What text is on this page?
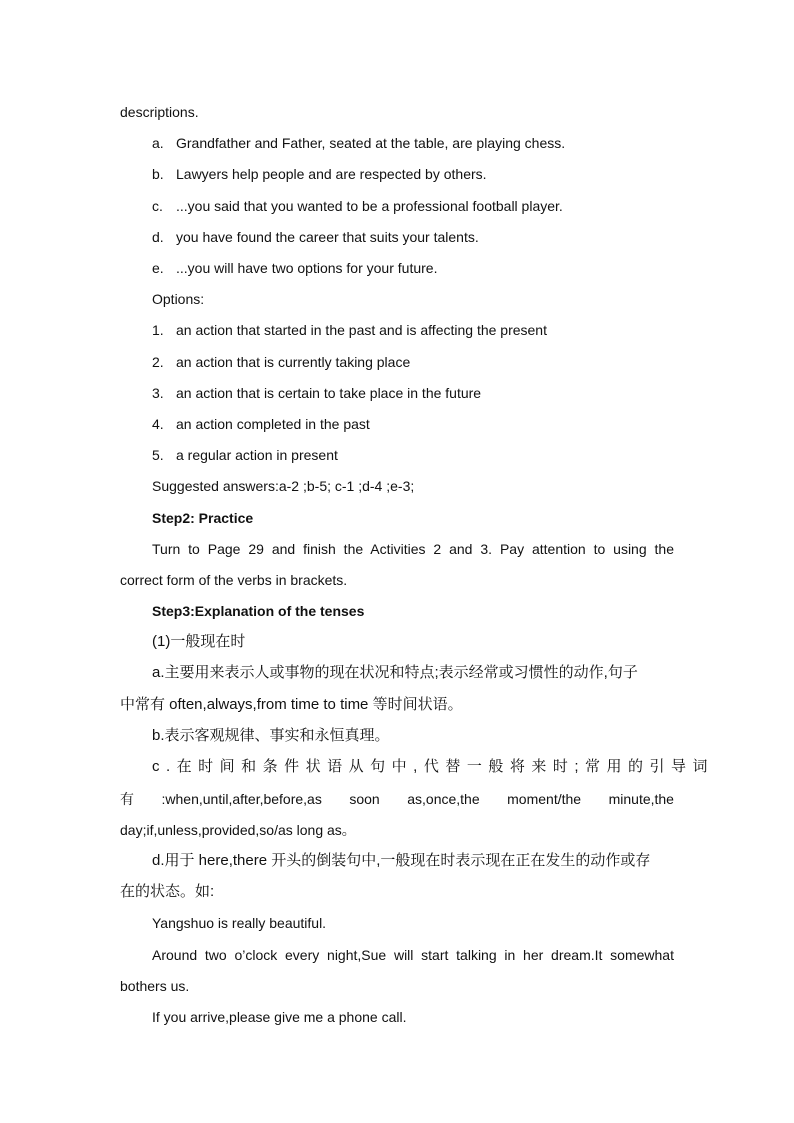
descriptions.
a. Grandfather and Father, seated at the table, are playing chess.
b. Lawyers help people and are respected by others.
c. ...you said that you wanted to be a professional football player.
d. you have found the career that suits your talents.
e. ...you will have two options for your future.
Options:
1. an action that started in the past and is affecting the present
2. an action that is currently taking place
3. an action that is certain to take place in the future
4. an action completed in the past
5. a regular action in present
Suggested answers:a-2 ;b-5; c-1 ;d-4 ;e-3;
Step2: Practice
Turn to Page 29 and finish the Activities 2 and 3. Pay attention to using the
correct form of the verbs in brackets.
Step3:Explanation of the tenses
(1)一般现在时
a.主要用来表示人或事物的现在状况和特点;表示经常或习惯性的动作,句子
中常有 often,always,from time to time 等时间状语。
b.表示客观规律、事实和永恒真理。
c.在时间和条件状语从句中,代替一般将来时;常用的引导词
有 :when,until,after,before,as soon as,once,the moment/the minute,the
day;if,unless,provided,so/as long as。
d.用于 here,there 开头的倒装句中,一般现在时表示现在正在发生的动作或存
在的状态。如:
Yangshuo is really beautiful.
Around two o’clock every night,Sue will start talking in her dream.It somewhat
bothers us.
If you arrive,please give me a phone call.
